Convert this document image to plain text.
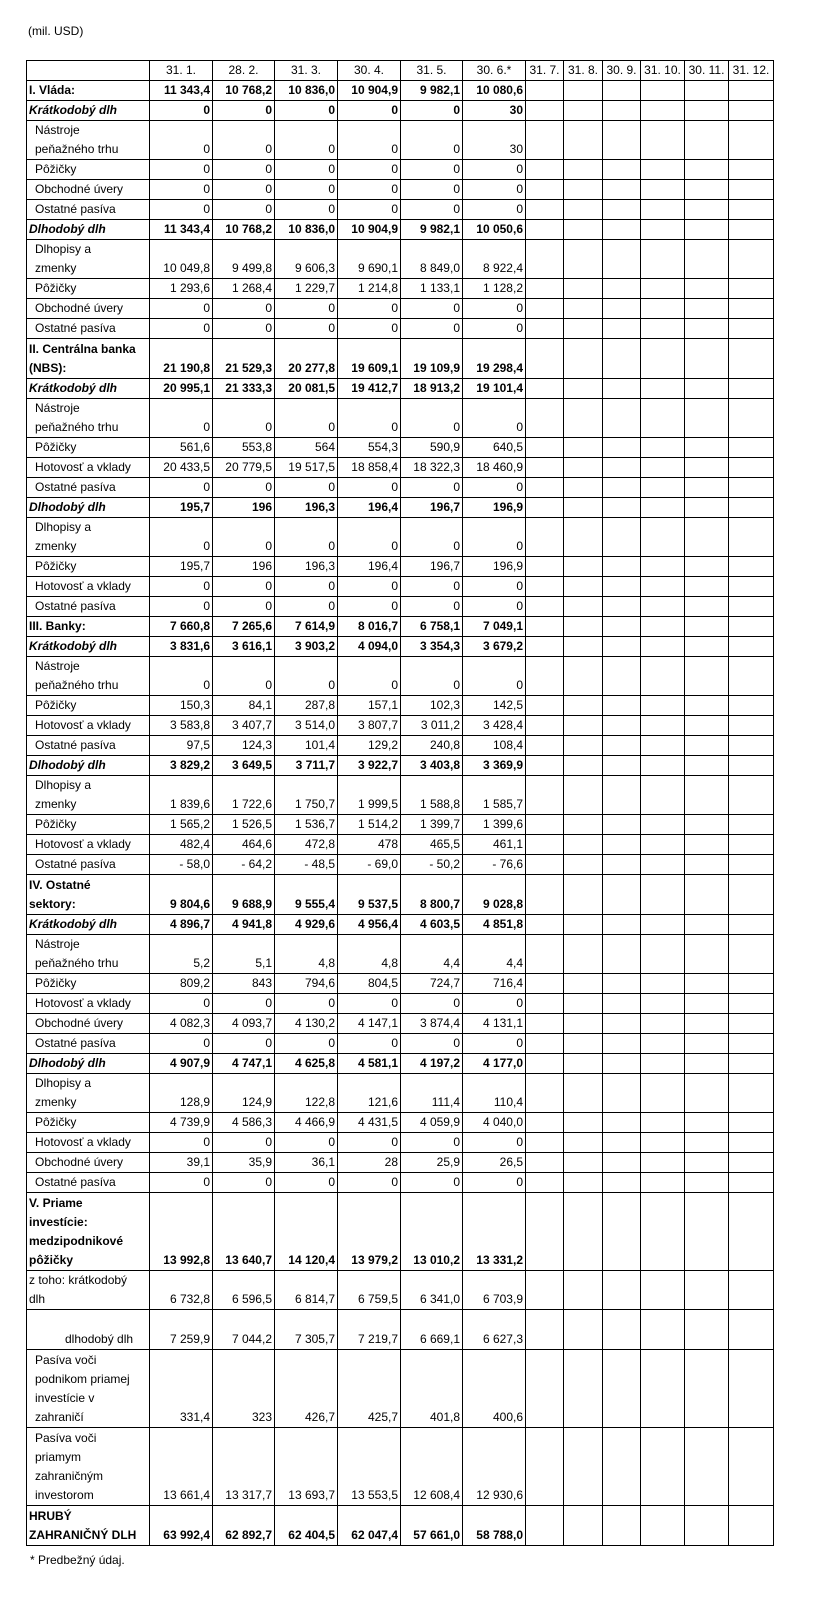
(mil. USD)
	31. 1.	28. 2.	31. 3.	30. 4.	31. 5.	30. 6.*	31. 7.	31. 8.	30. 9.	31. 10.	30. 11.	31. 12.
I. Vláda:	11 343,4	10 768,2	10 836,0	10 904,9	9 982,1	10 080,6						
Krátkodobý dlh	0	0	0	0	0	30						
Nástroje
peňažného trhu	0	0	0	0	0	30						
Pôžičky	0	0	0	0	0	0						
Obchodné úvery	0	0	0	0	0	0						
Ostatné pasíva	0	0	0	0	0	0						
Dlhodobý dlh	11 343,4	10 768,2	10 836,0	10 904,9	9 982,1	10 050,6						
Dlhopisy a
zmenky	10 049,8	9 499,8	9 606,3	9 690,1	8 849,0	8 922,4						
Pôžičky	1 293,6	1 268,4	1 229,7	1 214,8	1 133,1	1 128,2						
Obchodné úvery	0	0	0	0	0	0						
Ostatné pasíva	0	0	0	0	0	0						
II. Centrálna banka
(NBS):	21 190,8	21 529,3	20 277,8	19 609,1	19 109,9	19 298,4						
Krátkodobý dlh	20 995,1	21 333,3	20 081,5	19 412,7	18 913,2	19 101,4						
Nástroje
peňažného trhu	0	0	0	0	0	0						
Pôžičky	561,6	553,8	564	554,3	590,9	640,5						
Hotovosť a vklady	20 433,5	20 779,5	19 517,5	18 858,4	18 322,3	18 460,9						
Ostatné pasíva	0	0	0	0	0	0						
Dlhodobý dlh	195,7	196	196,3	196,4	196,7	196,9						
Dlhopisy a
zmenky	0	0	0	0	0	0						
Pôžičky	195,7	196	196,3	196,4	196,7	196,9						
Hotovosť a vklady	0	0	0	0	0	0						
Ostatné pasíva	0	0	0	0	0	0						
III. Banky:	7 660,8	7 265,6	7 614,9	8 016,7	6 758,1	7 049,1						
Krátkodobý dlh	3 831,6	3 616,1	3 903,2	4 094,0	3 354,3	3 679,2						
Nástroje
peňažného trhu	0	0	0	0	0	0						
Pôžičky	150,3	84,1	287,8	157,1	102,3	142,5						
Hotovosť a vklady	3 583,8	3 407,7	3 514,0	3 807,7	3 011,2	3 428,4						
Ostatné pasíva	97,5	124,3	101,4	129,2	240,8	108,4						
Dlhodobý dlh	3 829,2	3 649,5	3 711,7	3 922,7	3 403,8	3 369,9						
Dlhopisy a
zmenky	1 839,6	1 722,6	1 750,7	1 999,5	1 588,8	1 585,7						
Pôžičky	1 565,2	1 526,5	1 536,7	1 514,2	1 399,7	1 399,6						
Hotovosť a vklady	482,4	464,6	472,8	478	465,5	461,1						
Ostatné pasíva	- 58,0	- 64,2	- 48,5	- 69,0	- 50,2	- 76,6						
IV. Ostatné
sektory:	9 804,6	9 688,9	9 555,4	9 537,5	8 800,7	9 028,8						
Krátkodobý dlh	4 896,7	4 941,8	4 929,6	4 956,4	4 603,5	4 851,8						
Nástroje
peňažného trhu	5,2	5,1	4,8	4,8	4,4	4,4						
Pôžičky	809,2	843	794,6	804,5	724,7	716,4						
Hotovosť a vklady	0	0	0	0	0	0						
Obchodné úvery	4 082,3	4 093,7	4 130,2	4 147,1	3 874,4	4 131,1						
Ostatné pasíva	0	0	0	0	0	0						
Dlhodobý dlh	4 907,9	4 747,1	4 625,8	4 581,1	4 197,2	4 177,0						
Dlhopisy a
zmenky	128,9	124,9	122,8	121,6	111,4	110,4						
Pôžičky	4 739,9	4 586,3	4 466,9	4 431,5	4 059,9	4 040,0						
Hotovosť a vklady	0	0	0	0	0	0						
Obchodné úvery	39,1	35,9	36,1	28	25,9	26,5						
Ostatné pasíva	0	0	0	0	0	0						
V. Priame
investície:
medzipodnikové
pôžičky	13 992,8	13 640,7	14 120,4	13 979,2	13 010,2	13 331,2						
z toho: krátkodobý
dlh	6 732,8	6 596,5	6 814,7	6 759,5	6 341,0	6 703,9						
dlhodobý dlh	7 259,9	7 044,2	7 305,7	7 219,7	6 669,1	6 627,3						
Pasíva voči
podnikom priamej
investície v
zahraničí	331,4	323	426,7	425,7	401,8	400,6						
Pasíva voči
priamym
zahraničným
investorom	13 661,4	13 317,7	13 693,7	13 553,5	12 608,4	12 930,6						
HRUBÝ
ZAHRANIČNÝ DLH	63 992,4	62 892,7	62 404,5	62 047,4	57 661,0	58 788,0						
* Predbežný údaj.
